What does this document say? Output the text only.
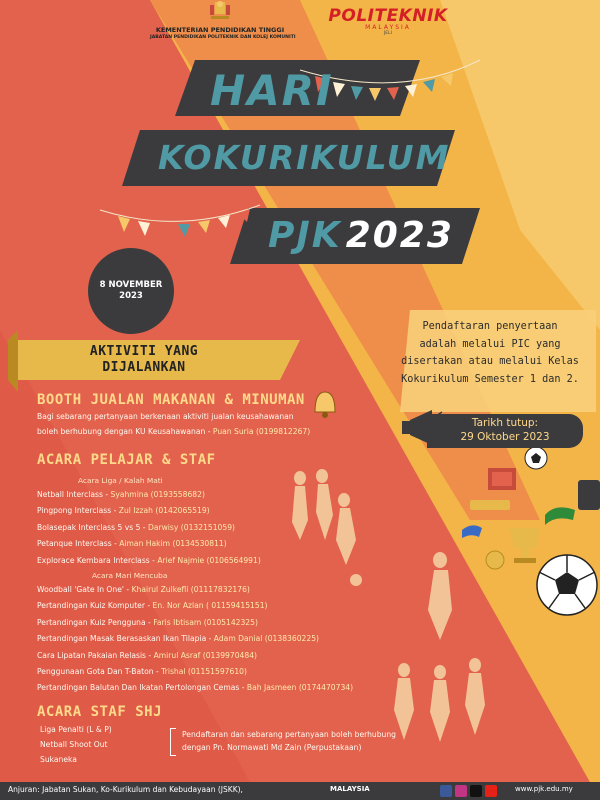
KEMENTERIAN PENDIDIKAN TINGGI
JABATAN PENDIDIKAN POLITEKNIK DAN KOLEJ KOMUNITI
POLITEKNIK
MALAYSIA
JELI
HARI
KOKURIKULUM
PJK 2023
8 NOVEMBER
2023
AKTIVITI YANG
DIJALANKAN
BOOTH JUALAN MAKANAN & MINUMAN
Bagi sebarang pertanyaan berkenaan aktiviti jualan keusahawanan
boleh berhubung dengan KU Keusahawanan - Puan Suria (0199812267)
ACARA PELAJAR & STAF
Acara Liga / Kalah Mati
Netball Interclass - Syahmina (0193558682)
Pingpong Interclass - Zul Izzah (0142065519)
Bolasepak Interclass 5 vs 5 - Darwisy (0132151059)
Petanque Interclass - Aiman Hakim (0134530811)
Explorace Kembara Interclass - Arief Najmie (0106564991)
Acara Mari Mencuba
Woodball 'Gate In One' - Khairul Zulkefli (01117832176)
Pertandingan Kuiz Komputer - En. Nor Azlan ( 01159415151)
Pertandingan Kuiz Pengguna - Faris Ibtisam (0105142325)
Pertandingan Masak Berasaskan Ikan Tilapia - Adam Danial (0138360225)
Cara Lipatan Pakaian Relasis - Amirul Asraf (0139970484)
Penggunaan Gota Dan T-Baton - Trishal (01151597610)
Pertandingan Balutan Dan Ikatan Pertolongan Cemas - Bah Jasmeen (0174470734)
ACARA STAF SHJ
Liga Penalti (L & P)
Netball Shoot Out
Sukaneka
Pendaftaran dan sebarang pertanyaan boleh berhubung
dengan Pn. Normawati Md Zain (Perpustakaan)
Pendaftaran penyertaan
adalah melalui PIC yang
disertakan atau melalui Kelas
Kokurikulum Semester 1 dan 2.
Tarikh tutup:
29 Oktober 2023
Anjuran: Jabatan Sukan, Ko-Kurikulum dan Kebudayaan (JSKK),	MALAYSIA	www.pjk.edu.my
